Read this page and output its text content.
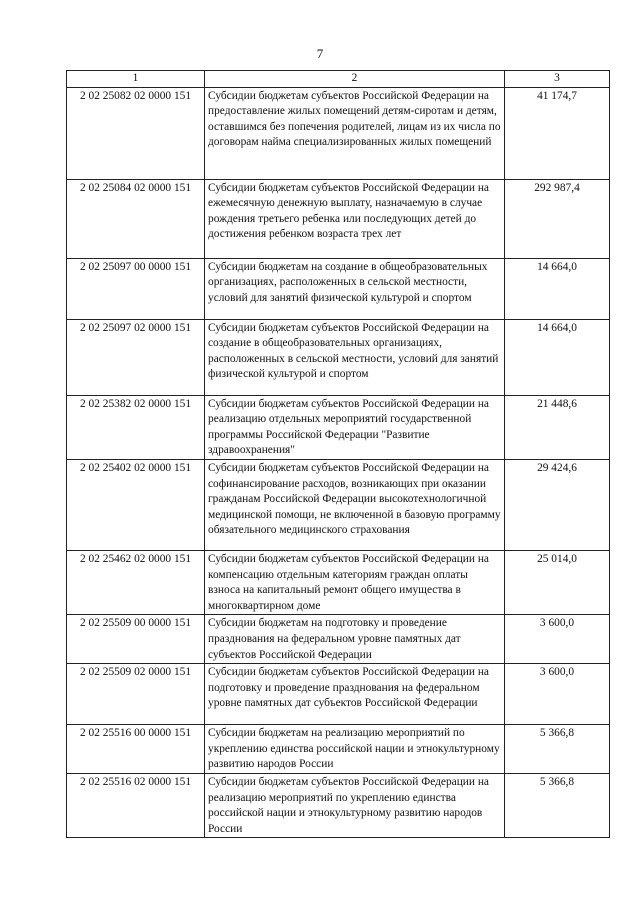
7
1	2	3
2 02 25082 02 0000 151	Субсидии бюджетам субъектов Российской Федерации на предоставление жилых помещений детям-сиротам и детям, оставшимся без попечения родителей, лицам из их числа по договорам найма специализированных жилых помещений	41 174,7
2 02 25084 02 0000 151	Субсидии бюджетам субъектов Российской Федерации на ежемесячную денежную выплату, назначаемую в случае рождения третьего ребенка или последующих детей до достижения ребенком возраста трех лет	292 987,4
2 02 25097 00 0000 151	Субсидии бюджетам на создание в общеобразовательных организациях, расположенных в сельской местности, условий для занятий физической культурой и спортом	14 664,0
2 02 25097 02 0000 151	Субсидии бюджетам субъектов Российской Федерации на создание в общеобразовательных организациях, расположенных в сельской местности, условий для занятий физической культурой и спортом	14 664,0
2 02 25382 02 0000 151	Субсидии бюджетам субъектов Российской Федерации на реализацию отдельных мероприятий государственной программы Российской Федерации "Развитие здравоохранения"	21 448,6
2 02 25402 02 0000 151	Субсидии бюджетам субъектов Российской Федерации на софинансирование расходов, возникающих при оказании гражданам Российской Федерации высокотехнологичной медицинской помощи, не включенной в базовую программу обязательного медицинского страхования	29 424,6
2 02 25462 02 0000 151	Субсидии бюджетам субъектов Российской Федерации на компенсацию отдельным категориям граждан оплаты взноса на капитальный ремонт общего имущества в многоквартирном доме	25 014,0
2 02 25509 00 0000 151	Субсидии бюджетам на подготовку и проведение празднования на федеральном уровне памятных дат субъектов Российской Федерации	3 600,0
2 02 25509 02 0000 151	Субсидии бюджетам субъектов Российской Федерации на подготовку и проведение празднования на федеральном уровне памятных дат субъектов Российской Федерации	3 600,0
2 02 25516 00 0000 151	Субсидии бюджетам на реализацию мероприятий по укреплению единства российской нации и этнокультурному развитию народов России	5 366,8
2 02 25516 02 0000 151	Субсидии бюджетам субъектов Российской Федерации на реализацию мероприятий по укреплению единства российской нации и этнокультурному развитию народов России	5 366,8
